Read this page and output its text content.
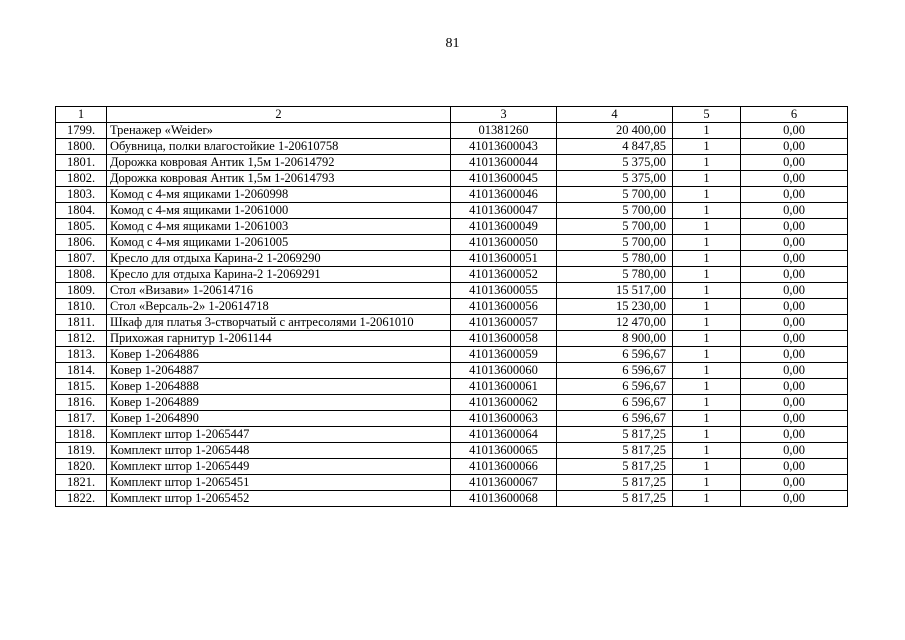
81
1	2	3	4	5	6
1799.	Тренажер «Weider»	01381260	20 400,00	1	0,00
1800.	Обувница, полки влагостойкие 1-20610758	41013600043	4 847,85	1	0,00
1801.	Дорожка ковровая Антик 1,5м 1-20614792	41013600044	5 375,00	1	0,00
1802.	Дорожка ковровая Антик 1,5м 1-20614793	41013600045	5 375,00	1	0,00
1803.	Комод с 4-мя ящиками 1-2060998	41013600046	5 700,00	1	0,00
1804.	Комод с 4-мя ящиками 1-2061000	41013600047	5 700,00	1	0,00
1805.	Комод с 4-мя ящиками 1-2061003	41013600049	5 700,00	1	0,00
1806.	Комод с 4-мя ящиками 1-2061005	41013600050	5 700,00	1	0,00
1807.	Кресло для отдыха Карина-2 1-2069290	41013600051	5 780,00	1	0,00
1808.	Кресло для отдыха Карина-2 1-2069291	41013600052	5 780,00	1	0,00
1809.	Стол «Визави» 1-20614716	41013600055	15 517,00	1	0,00
1810.	Стол «Версаль-2» 1-20614718	41013600056	15 230,00	1	0,00
1811.	Шкаф для платья 3-створчатый с антресолями 1-2061010	41013600057	12 470,00	1	0,00
1812.	Прихожая гарнитур 1-2061144	41013600058	8 900,00	1	0,00
1813.	Ковер 1-2064886	41013600059	6 596,67	1	0,00
1814.	Ковер 1-2064887	41013600060	6 596,67	1	0,00
1815.	Ковер 1-2064888	41013600061	6 596,67	1	0,00
1816.	Ковер 1-2064889	41013600062	6 596,67	1	0,00
1817.	Ковер 1-2064890	41013600063	6 596,67	1	0,00
1818.	Комплект штор 1-2065447	41013600064	5 817,25	1	0,00
1819.	Комплект штор 1-2065448	41013600065	5 817,25	1	0,00
1820.	Комплект штор 1-2065449	41013600066	5 817,25	1	0,00
1821.	Комплект штор 1-2065451	41013600067	5 817,25	1	0,00
1822.	Комплект штор 1-2065452	41013600068	5 817,25	1	0,00
